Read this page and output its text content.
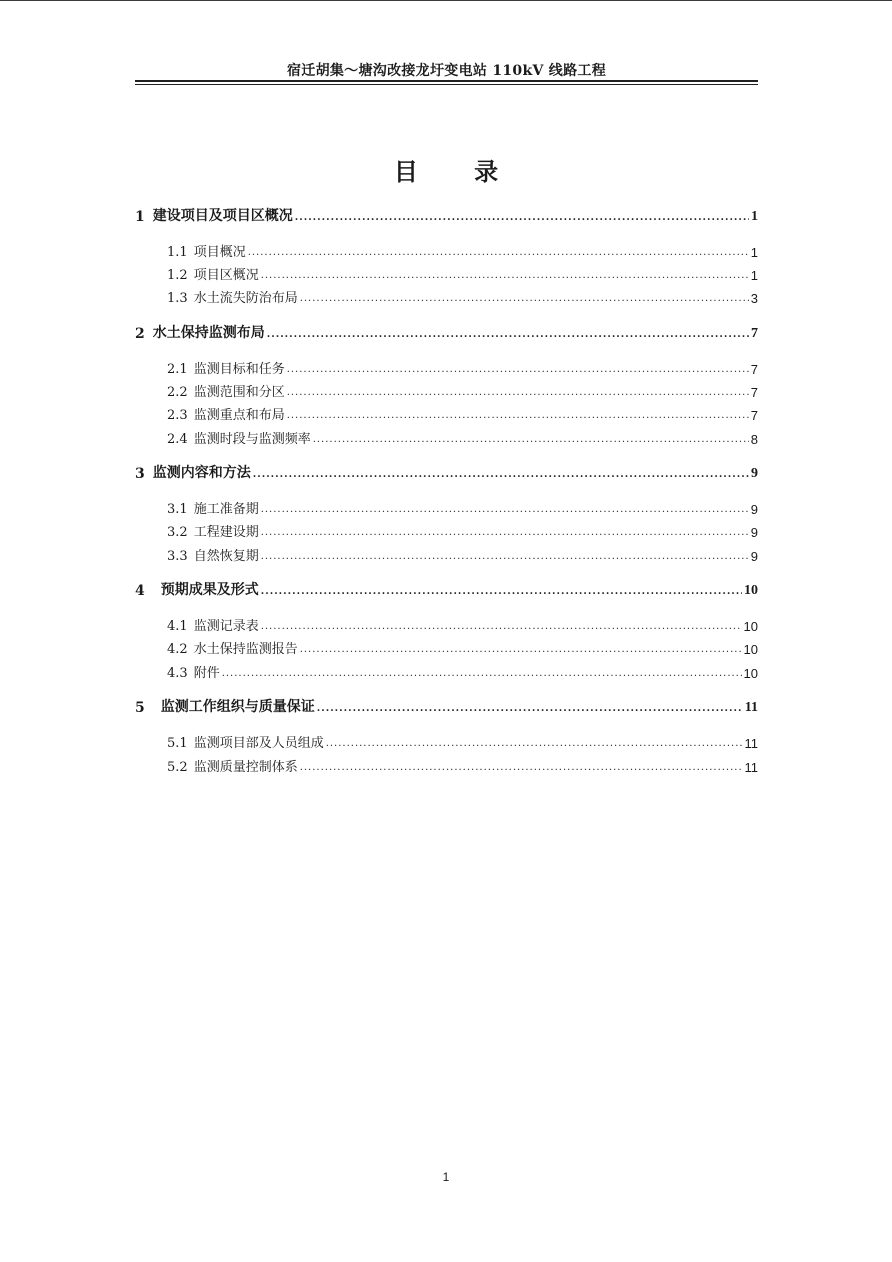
宿迁胡集～塘沟改接龙圩变电站 110kV 线路工程
目 录
1 建设项目及项目区概况 .....	1
1.1 项目概况 .....	1
1.2 项目区概况 .....	1
1.3 水土流失防治布局 .....	3
2 水土保持监测布局 .....	7
2.1 监测目标和任务 .....	7
2.2 监测范围和分区 .....	7
2.3 监测重点和布局 .....	7
2.4 监测时段与监测频率 .....	8
3 监测内容和方法 .....	9
3.1 施工准备期 .....	9
3.2 工程建设期 .....	9
3.3 自然恢复期 .....	9
4 预期成果及形式 .....	10
4.1 监测记录表 .....	10
4.2 水土保持监测报告 .....	10
4.3 附件 .....	10
5 监测工作组织与质量保证 .....	11
5.1 监测项目部及人员组成 .....	11
5.2 监测质量控制体系 .....	11
1
